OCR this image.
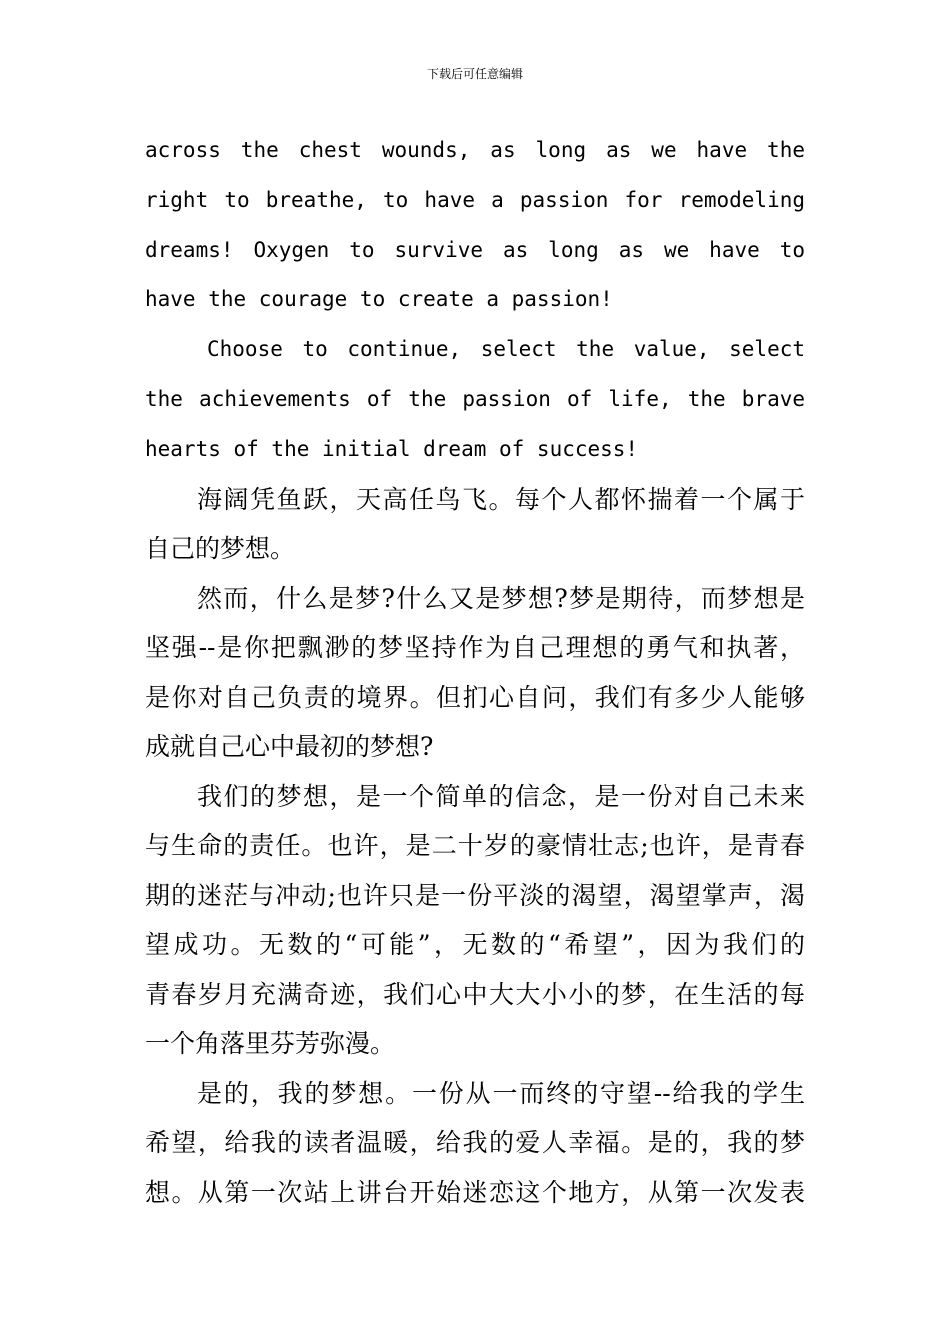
下载后可任意编辑
across the chest wounds, as long as we have the
right to breathe, to have a passion for remodeling
dreams! Oxygen to survive as long as we have to
have the courage to create a passion!
Choose to continue, select the value, select
the achievements of the passion of life, the brave
hearts of the initial dream of success!
海阔凭鱼跃，天高任鸟飞。每个人都怀揣着一个属于
自己的梦想。
然而，什么是梦?什么又是梦想?梦是期待，而梦想是
坚强--是你把飘渺的梦坚持作为自己理想的勇气和执著，
是你对自己负责的境界。但扪心自问，我们有多少人能够
成就自己心中最初的梦想?
我们的梦想，是一个简单的信念，是一份对自己未来
与生命的责任。也许，是二十岁的豪情壮志;也许，是青春
期的迷茫与冲动;也许只是一份平淡的渴望，渴望掌声，渴
望成功。无数的“可能”，无数的“希望”，因为我们的
青春岁月充满奇迹，我们心中大大小小的梦，在生活的每
一个角落里芬芳弥漫。
是的，我的梦想。一份从一而终的守望--给我的学生
希望，给我的读者温暖，给我的爱人幸福。是的，我的梦
想。从第一次站上讲台开始迷恋这个地方，从第一次发表
